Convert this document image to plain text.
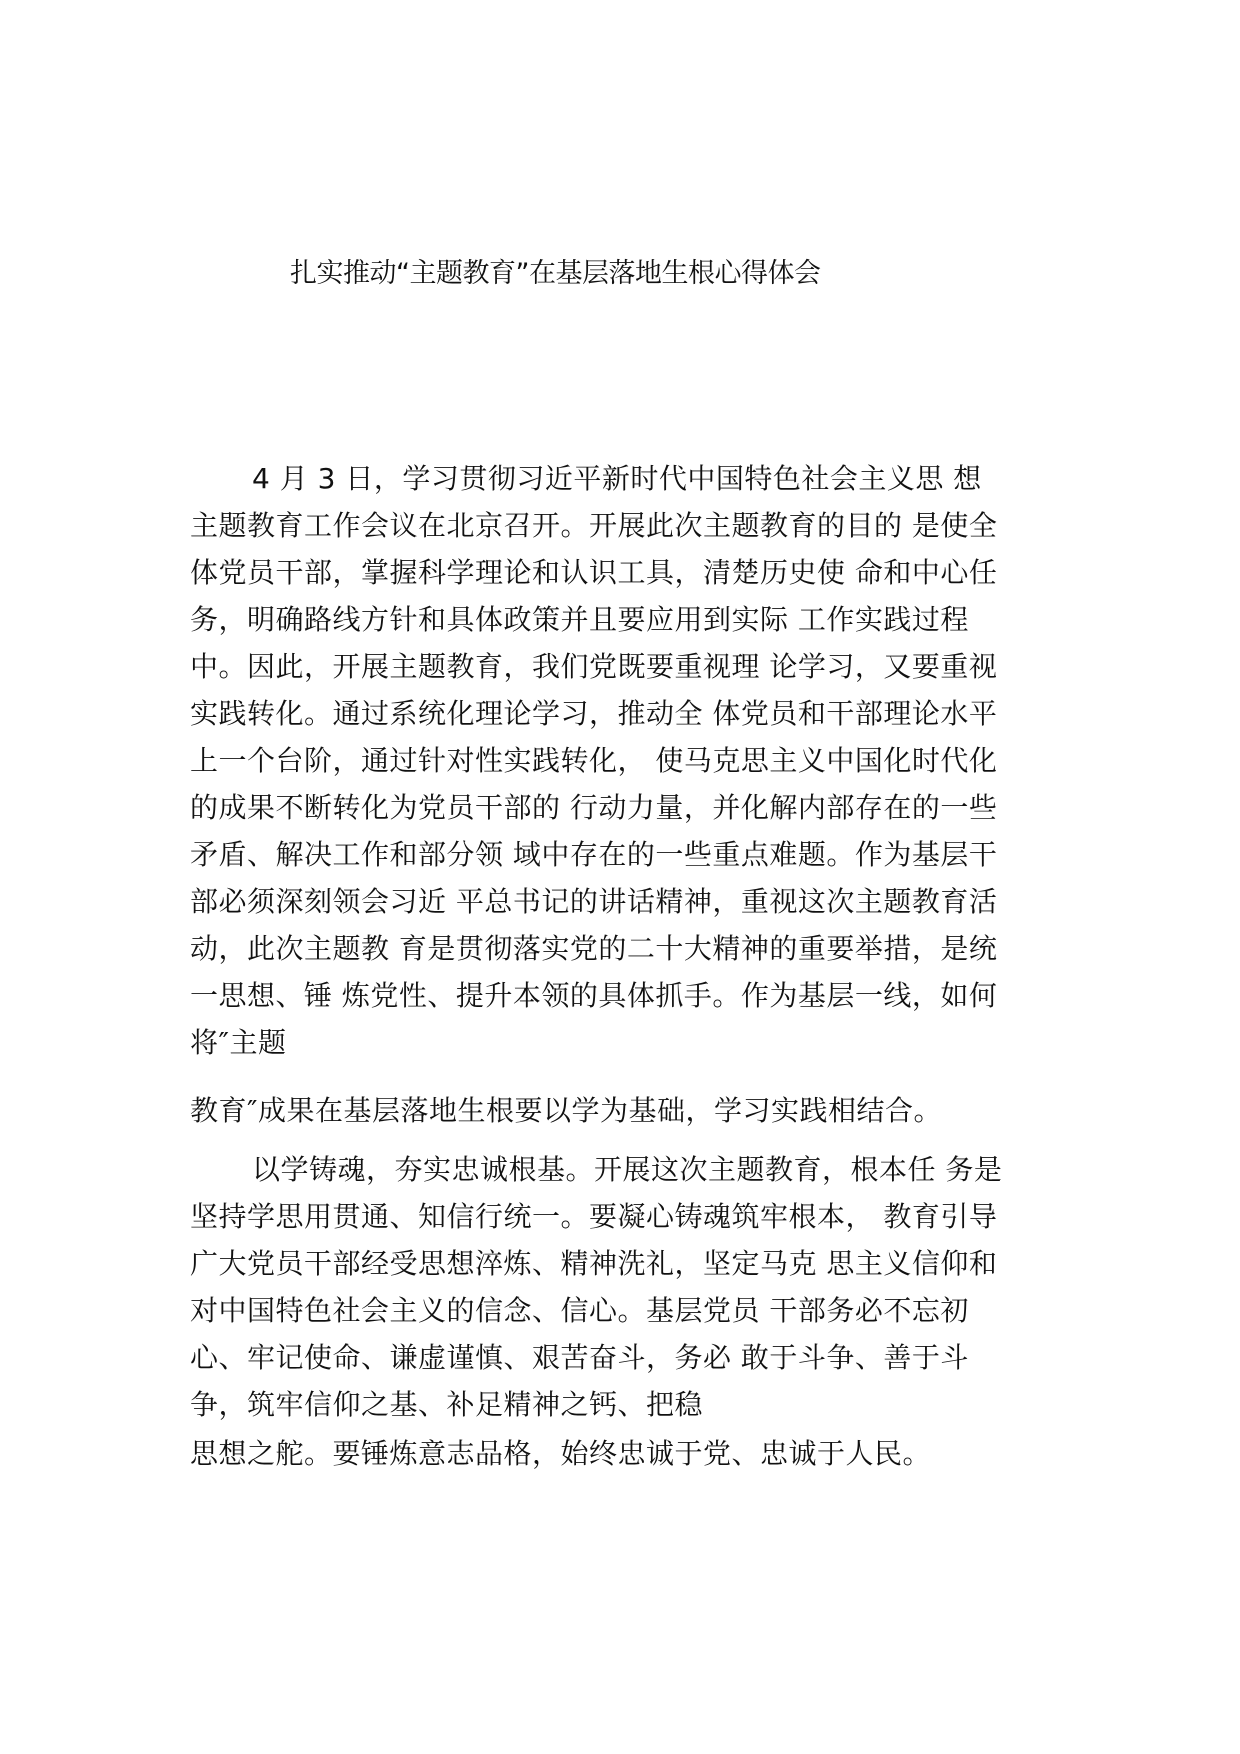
扎实推动“主题教育”在基层落地生根心得体会

4 月 3 日，学习贯彻习近平新时代中国特色社会主义思 想
主题教育工作会议在北京召开。开展此次主题教育的目的 是使全
体党员干部，掌握科学理论和认识工具，清楚历史使 命和中心任
务，明确路线方针和具体政策并且要应用到实际 工作实践过程
中。因此，开展主题教育，我们党既要重视理 论学习，又要重视
实践转化。通过系统化理论学习，推动全 体党员和干部理论水平
上一个台阶，通过针对性实践转化， 使马克思主义中国化时代化
的成果不断转化为党员干部的 行动力量，并化解内部存在的一些
矛盾、解决工作和部分领 域中存在的一些重点难题。作为基层干
部必须深刻领会习近 平总书记的讲话精神，重视这次主题教育活
动，此次主题教 育是贯彻落实党的二十大精神的重要举措，是统
一思想、锤 炼党性、提升本领的具体抓手。作为基层一线，如何
将″主题

教育″成果在基层落地生根要以学为基础，学习实践相结合。

以学铸魂，夯实忠诚根基。开展这次主题教育，根本任 务是
坚持学思用贯通、知信行统一。要凝心铸魂筑牢根本， 教育引导
广大党员干部经受思想淬炼、精神洗礼，坚定马克 思主义信仰和
对中国特色社会主义的信念、信心。基层党员 干部务必不忘初
心、牢记使命、谦虚谨慎、艰苦奋斗，务必 敢于斗争、善于斗
争，筑牢信仰之基、补足精神之钙、把稳

思想之舵。要锤炼意志品格，始终忠诚于党、忠诚于人民。
